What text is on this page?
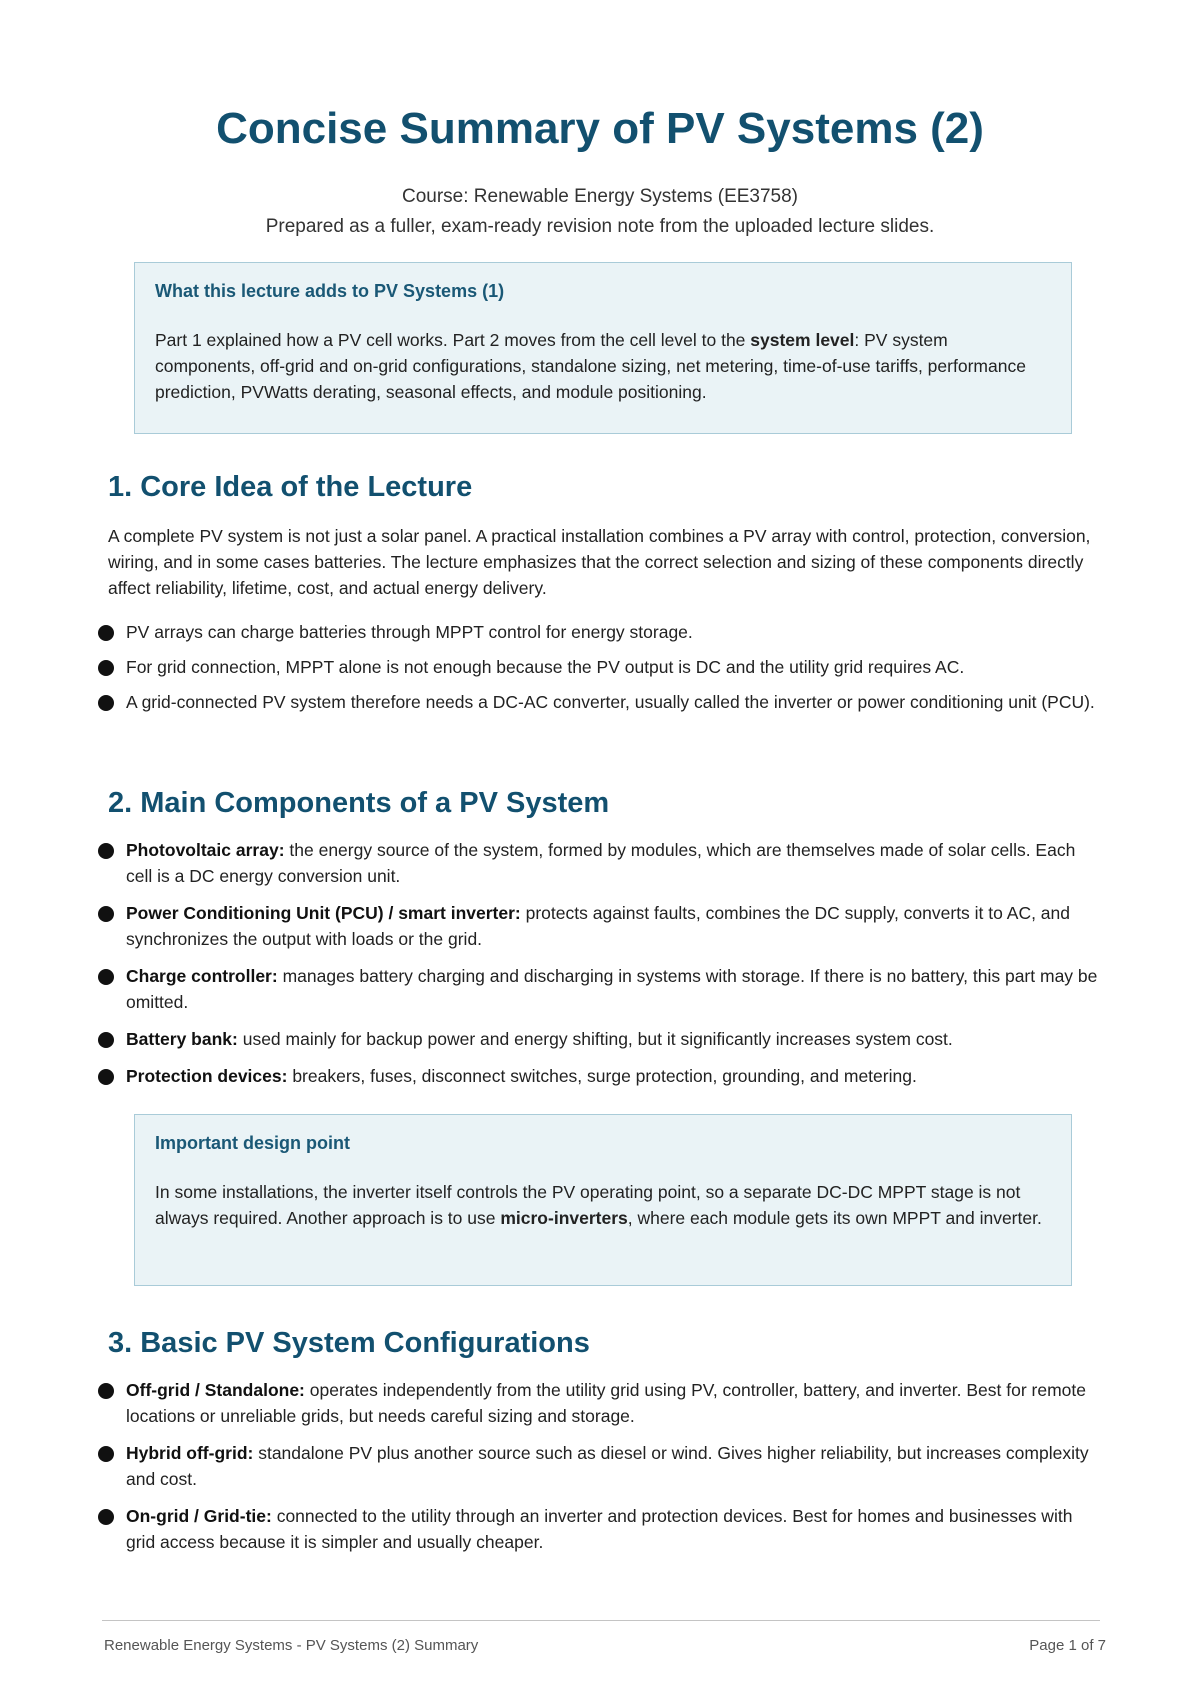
Concise Summary of PV Systems (2)

Course: Renewable Energy Systems (EE3758)

Prepared as a fuller, exam-ready revision note from the uploaded lecture slides.

What this lecture adds to PV Systems (1)

Part 1 explained how a PV cell works. Part 2 moves from the cell level to the system level: PV system components, off-grid and on-grid configurations, standalone sizing, net metering, time-of-use tariffs, performance prediction, PVWatts derating, seasonal effects, and module positioning.

1. Core Idea of the Lecture

A complete PV system is not just a solar panel. A practical installation combines a PV array with control, protection, conversion, wiring, and in some cases batteries. The lecture emphasizes that the correct selection and sizing of these components directly affect reliability, lifetime, cost, and actual energy delivery.

PV arrays can charge batteries through MPPT control for energy storage.
For grid connection, MPPT alone is not enough because the PV output is DC and the utility grid requires AC.
A grid-connected PV system therefore needs a DC-AC converter, usually called the inverter or power conditioning unit (PCU).
2. Main Components of a PV System
Photovoltaic array: the energy source of the system, formed by modules, which are themselves made of solar cells. Each cell is a DC energy conversion unit.
Power Conditioning Unit (PCU) / smart inverter: protects against faults, combines the DC supply, converts it to AC, and synchronizes the output with loads or the grid.
Charge controller: manages battery charging and discharging in systems with storage. If there is no battery, this part may be omitted.
Battery bank: used mainly for backup power and energy shifting, but it significantly increases system cost.
Protection devices: breakers, fuses, disconnect switches, surge protection, grounding, and metering.
Important design point

In some installations, the inverter itself controls the PV operating point, so a separate DC-DC MPPT stage is not always required. Another approach is to use micro-inverters, where each module gets its own MPPT and inverter.

3. Basic PV System Configurations
Off-grid / Standalone: operates independently from the utility grid using PV, controller, battery, and inverter. Best for remote locations or unreliable grids, but needs careful sizing and storage.
Hybrid off-grid: standalone PV plus another source such as diesel or wind. Gives higher reliability, but increases complexity and cost.
On-grid / Grid-tie: connected to the utility through an inverter and protection devices. Best for homes and businesses with grid access because it is simpler and usually cheaper.
Renewable Energy Systems - PV Systems (2) Summary	Page 1 of 7
